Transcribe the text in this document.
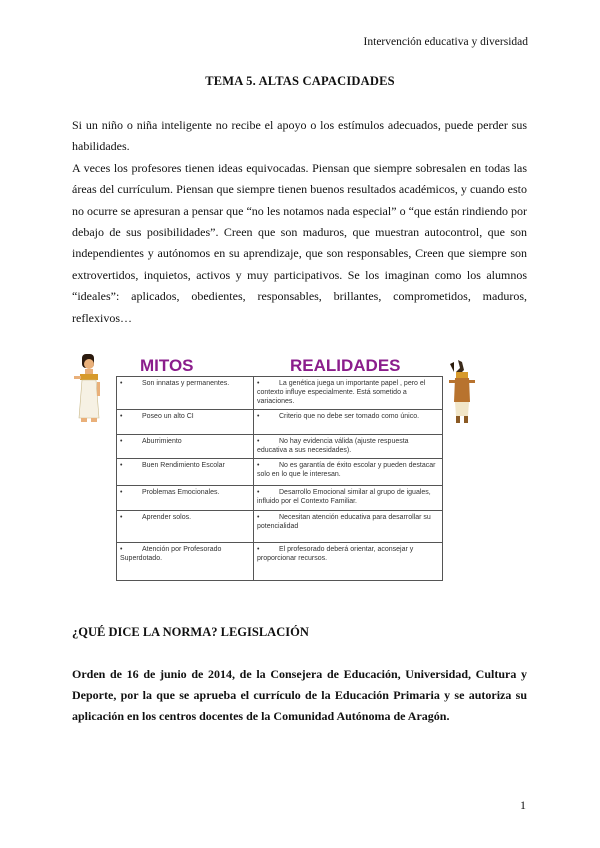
Intervención educativa y diversidad
TEMA 5. ALTAS CAPACIDADES

Si un niño o niña inteligente no recibe el apoyo o los estímulos adecuados, puede perder sus habilidades.

A veces los profesores tienen ideas equivocadas. Piensan que siempre sobresalen en todas las áreas del currículum. Piensan que siempre tienen buenos resultados académicos, y cuando esto no ocurre se apresuran a pensar que “no les notamos nada especial” o “que están rindiendo por debajo de sus posibilidades”. Creen que son maduros, que muestran autocontrol, que son independientes y autónomos en su aprendizaje, que son responsables, Creen que siempre son extrovertidos, inquietos, activos y muy participativos. Se los imaginan como los alumnos “ideales”: aplicados, obedientes, responsables, brillantes, comprometidos, maduros, reflexivos…

MITOS	REALIDADES
• Son innatas y permanentes.	• La genética juega un importante papel , pero el contexto influye especialmente. Está sometido a variaciones.
• Poseo un alto CI	• Criterio que no debe ser tomado como único.
• Aburrimiento	• No hay evidencia válida (ajuste respuesta educativa a sus necesidades).
• Buen Rendimiento Escolar	• No es garantía de éxito escolar y pueden destacar solo en lo que le interesan.
• Problemas Emocionales.	• Desarrollo Emocional similar al grupo de iguales, influido por el Contexto Familiar.
• Aprender solos.	• Necesitan atención educativa para desarrollar su potencialidad
• Atención por Profesorado Superdotado.	• El profesorado deberá orientar, aconsejar y proporcionar recursos.
¿QUÉ DICE LA NORMA? LEGISLACIÓN
Orden de 16 de junio de 2014, de la Consejera de Educación, Universidad, Cultura y Deporte, por la que se aprueba el currículo de la Educación Primaria y se autoriza su aplicación en los centros docentes de la Comunidad Autónoma de Aragón.
1
